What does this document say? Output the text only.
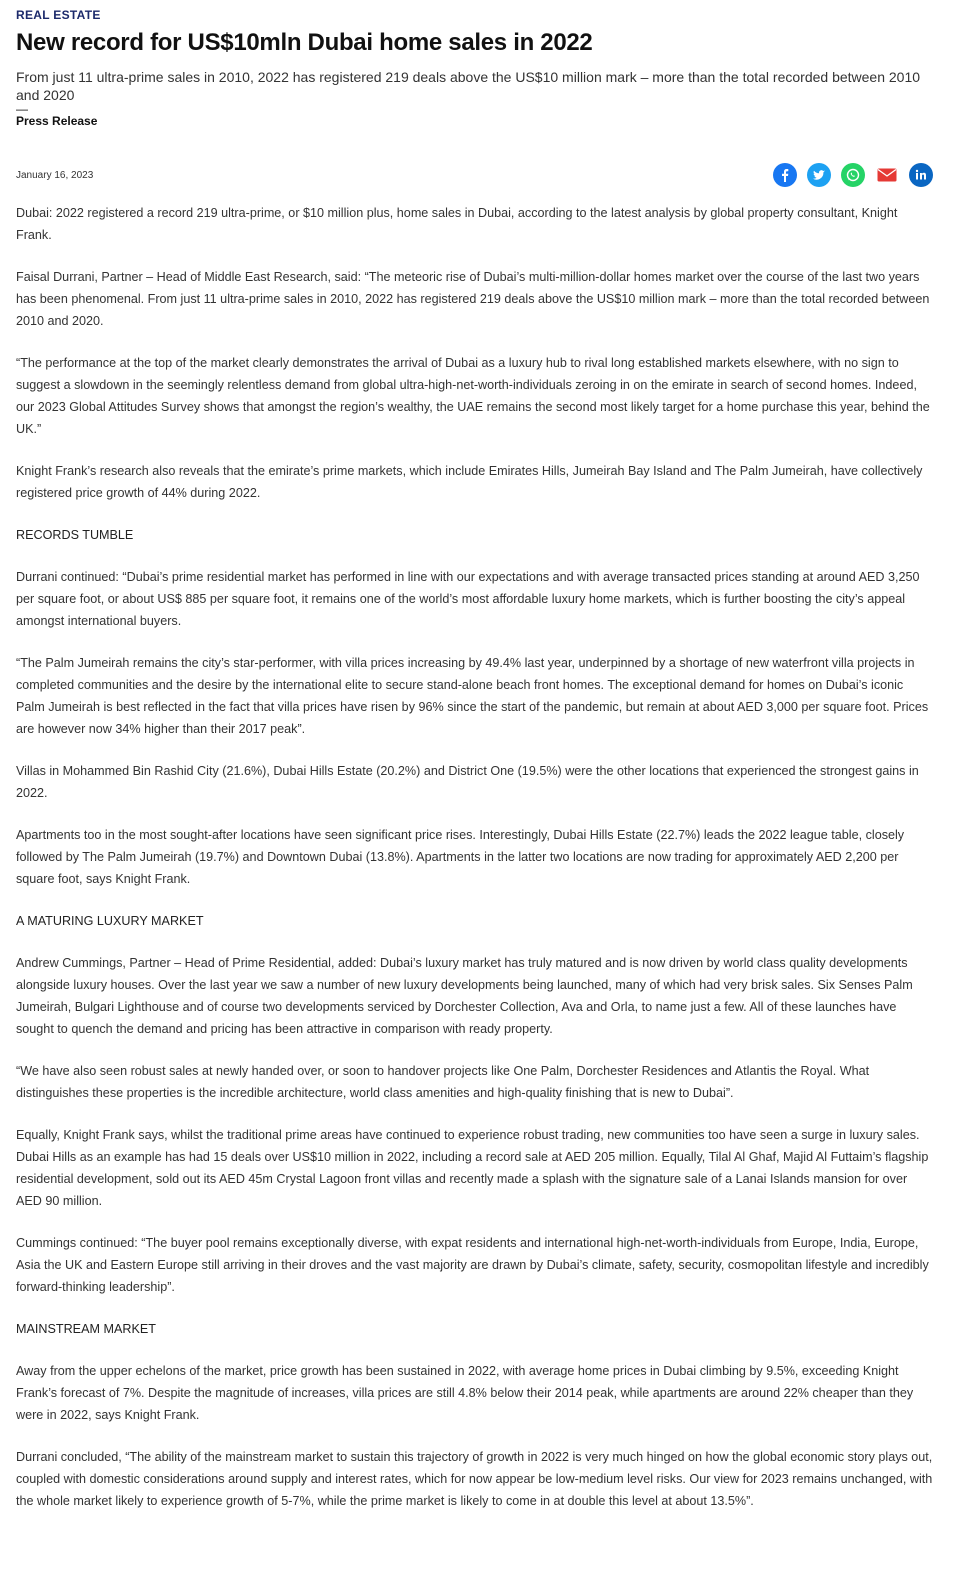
REAL ESTATE
New record for US$10mln Dubai home sales in 2022
From just 11 ultra-prime sales in 2010, 2022 has registered 219 deals above the US$10 million mark – more than the total recorded between 2010 and 2020
—
Press Release
January 16, 2023

Dubai: 2022 registered a record 219 ultra-prime, or $10 million plus, home sales in Dubai, according to the latest analysis by global property consultant, Knight Frank.

Faisal Durrani, Partner – Head of Middle East Research, said: “The meteoric rise of Dubai’s multi-million-dollar homes market over the course of the last two years has been phenomenal. From just 11 ultra-prime sales in 2010, 2022 has registered 219 deals above the US$10 million mark – more than the total recorded between 2010 and 2020.

“The performance at the top of the market clearly demonstrates the arrival of Dubai as a luxury hub to rival long established markets elsewhere, with no sign to suggest a slowdown in the seemingly relentless demand from global ultra-high-net-worth-individuals zeroing in on the emirate in search of second homes. Indeed, our 2023 Global Attitudes Survey shows that amongst the region’s wealthy, the UAE remains the second most likely target for a home purchase this year, behind the UK.”

Knight Frank’s research also reveals that the emirate’s prime markets, which include Emirates Hills, Jumeirah Bay Island and The Palm Jumeirah, have collectively registered price growth of 44% during 2022.

RECORDS TUMBLE

Durrani continued: “Dubai’s prime residential market has performed in line with our expectations and with average transacted prices standing at around AED 3,250 per square foot, or about US$ 885 per square foot, it remains one of the world’s most affordable luxury home markets, which is further boosting the city’s appeal amongst international buyers.

“The Palm Jumeirah remains the city’s star-performer, with villa prices increasing by 49.4% last year, underpinned by a shortage of new waterfront villa projects in completed communities and the desire by the international elite to secure stand-alone beach front homes. The exceptional demand for homes on Dubai’s iconic Palm Jumeirah is best reflected in the fact that villa prices have risen by 96% since the start of the pandemic, but remain at about AED 3,000 per square foot. Prices are however now 34% higher than their 2017 peak”.

Villas in Mohammed Bin Rashid City (21.6%), Dubai Hills Estate (20.2%) and District One (19.5%) were the other locations that experienced the strongest gains in 2022.

Apartments too in the most sought-after locations have seen significant price rises. Interestingly, Dubai Hills Estate (22.7%) leads the 2022 league table, closely followed by The Palm Jumeirah (19.7%) and Downtown Dubai (13.8%). Apartments in the latter two locations are now trading for approximately AED 2,200 per square foot, says Knight Frank.

A MATURING LUXURY MARKET

Andrew Cummings, Partner – Head of Prime Residential, added: Dubai’s luxury market has truly matured and is now driven by world class quality developments alongside luxury houses. Over the last year we saw a number of new luxury developments being launched, many of which had very brisk sales. Six Senses Palm Jumeirah, Bulgari Lighthouse and of course two developments serviced by Dorchester Collection, Ava and Orla, to name just a few. All of these launches have sought to quench the demand and pricing has been attractive in comparison with ready property.

“We have also seen robust sales at newly handed over, or soon to handover projects like One Palm, Dorchester Residences and Atlantis the Royal. What distinguishes these properties is the incredible architecture, world class amenities and high-quality finishing that is new to Dubai”.

Equally, Knight Frank says, whilst the traditional prime areas have continued to experience robust trading, new communities too have seen a surge in luxury sales. Dubai Hills as an example has had 15 deals over US$10 million in 2022, including a record sale at AED 205 million. Equally, Tilal Al Ghaf, Majid Al Futtaim’s flagship residential development, sold out its AED 45m Crystal Lagoon front villas and recently made a splash with the signature sale of a Lanai Islands mansion for over AED 90 million.

Cummings continued: “The buyer pool remains exceptionally diverse, with expat residents and international high-net-worth-individuals from Europe, India, Europe, Asia the UK and Eastern Europe still arriving in their droves and the vast majority are drawn by Dubai’s climate, safety, security, cosmopolitan lifestyle and incredibly forward-thinking leadership”.

MAINSTREAM MARKET

Away from the upper echelons of the market, price growth has been sustained in 2022, with average home prices in Dubai climbing by 9.5%, exceeding Knight Frank’s forecast of 7%. Despite the magnitude of increases, villa prices are still 4.8% below their 2014 peak, while apartments are around 22% cheaper than they were in 2022, says Knight Frank.

Durrani concluded, “The ability of the mainstream market to sustain this trajectory of growth in 2022 is very much hinged on how the global economic story plays out, coupled with domestic considerations around supply and interest rates, which for now appear be low-medium level risks. Our view for 2023 remains unchanged, with the whole market likely to experience growth of 5-7%, while the prime market is likely to come in at double this level at about 13.5%”.
